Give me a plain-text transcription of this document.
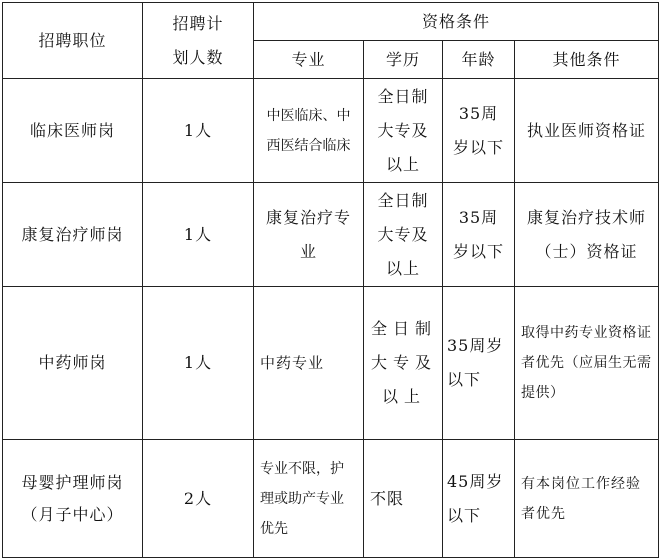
招聘职位	招聘计划人数	资格条件			
		专业	学历	年龄	其他条件
临床医师岗	1人	中医临床、中西医结合临床	全日制大专及以上	35周岁以下	执业医师资格证
康复治疗师岗	1人	康复治疗专业	全日制大专及以上	35周岁以下	康复治疗技术师（士）资格证
中药师岗	1人	中药专业	全日制大专及以上	35周岁以下	取得中药专业资格证者优先（应届生无需提供）
母婴护理师岗（月子中心）	2人	专业不限，护理或助产专业优先	不限	45周岁以下	有本岗位工作经验者优先
